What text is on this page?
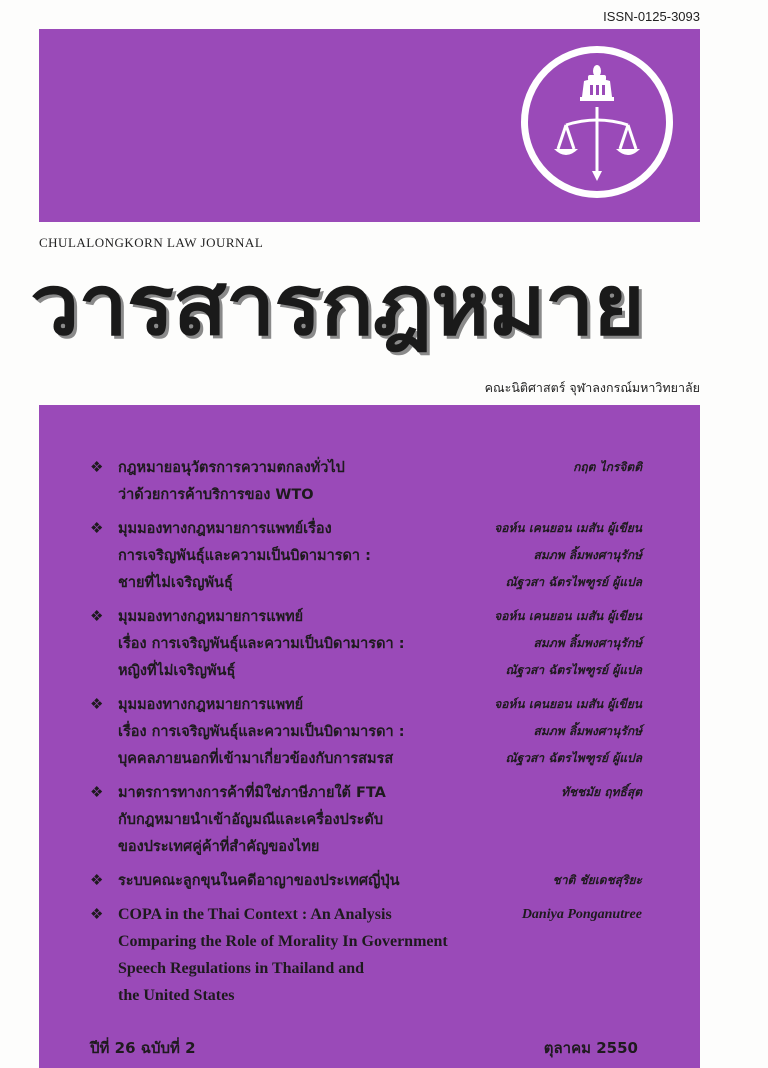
ISSN-0125-3093
CHULALONGKORN LAW JOURNAL
วารสารกฎหมาย
คณะนิติศาสตร์ จุฬาลงกรณ์มหาวิทยาลัย
❖ กฎหมายอนุวัตรการความตกลงทั่วไป	กฤต ไกรจิตติ
ว่าด้วยการค้าบริการของ WTO
❖ มุมมองทางกฎหมายการแพทย์เรื่อง	จอห์น เคนยอน เมสัน ผู้เขียน
การเจริญพันธุ์และความเป็นบิดามารดา :	สมภพ ลิ้มพงศานุรักษ์
ชายที่ไม่เจริญพันธุ์	ณัฐวสา ฉัตรไพฑูรย์ ผู้แปล
❖ มุมมองทางกฎหมายการแพทย์	จอห์น เคนยอน เมสัน ผู้เขียน
เรื่อง การเจริญพันธุ์และความเป็นบิดามารดา :	สมภพ ลิ้มพงศานุรักษ์
หญิงที่ไม่เจริญพันธุ์	ณัฐวสา ฉัตรไพฑูรย์ ผู้แปล
❖ มุมมองทางกฎหมายการแพทย์	จอห์น เคนยอน เมสัน ผู้เขียน
เรื่อง การเจริญพันธุ์และความเป็นบิดามารดา :	สมภพ ลิ้มพงศานุรักษ์
บุคคลภายนอกที่เข้ามาเกี่ยวข้องกับการสมรส	ณัฐวสา ฉัตรไพฑูรย์ ผู้แปล
❖ มาตรการทางการค้าที่มิใช่ภาษีภายใต้ FTA	ทัชชมัย ฤทธิ์สุต
กับกฎหมายนำเข้าอัญมณีและเครื่องประดับ
ของประเทศคู่ค้าที่สำคัญของไทย
❖ ระบบคณะลูกขุนในคดีอาญาของประเทศญี่ปุ่น	ชาติ ชัยเดชสุริยะ
❖ COPA in the Thai Context : An Analysis	Daniya Ponganutree
Comparing the Role of Morality In Government
Speech Regulations in Thailand and
the United States
ปีที่ 26 ฉบับที่ 2	ตุลาคม 2550
